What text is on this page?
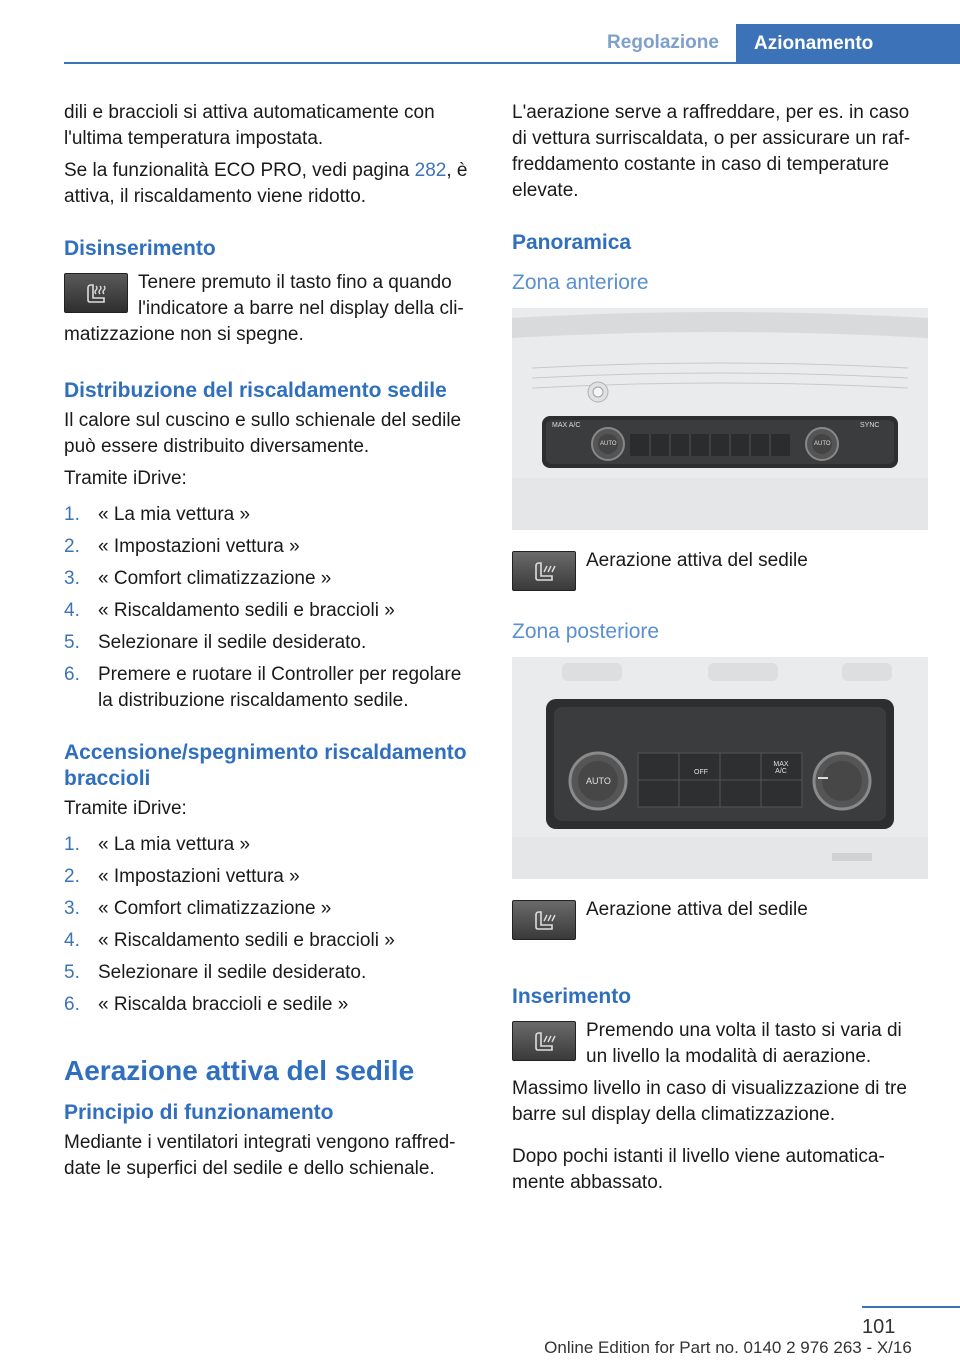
Regolazione	Azionamento

dili e braccioli si attiva automaticamente con l'ultima temperatura impostata.

Se la funzionalità ECO PRO, vedi pagina 282, è attiva, il riscaldamento viene ridotto.

Disinserimento

Tenere premuto il tasto fino a quando l'indicatore a barre nel display della cli-

matizzazione non si spegne.

Distribuzione del riscaldamento sedile

Il calore sul cuscino e sullo schienale del sedile può essere distribuito diversamente.

Tramite iDrive:

1. « La mia vettura »
2. « Impostazioni vettura »
3. « Comfort climatizzazione »
4. « Riscaldamento sedili e braccioli »
5. Selezionare il sedile desiderato.
6. Premere e ruotare il Controller per regolare la distribuzione riscaldamento sedile.
Accensione/spegnimento riscaldamento braccioli

Tramite iDrive:

1. « La mia vettura »
2. « Impostazioni vettura »
3. « Comfort climatizzazione »
4. « Riscaldamento sedili e braccioli »
5. Selezionare il sedile desiderato.
6. « Riscalda braccioli e sedile »
Aerazione attiva del sedile
Principio di funzionamento

Mediante i ventilatori integrati vengono raffred- date le superfici del sedile e dello schienale.

L'aerazione serve a raffreddare, per es. in caso di vettura surriscaldata, o per assicurare un raf- freddamento costante in caso di temperature elevate.

Panoramica
Zona anteriore
MAX A/C
AUTO	AUTO
SYNC

Aerazione attiva del sedile

Zona posteriore
AUTO
OFF
MAX A/C

Aerazione attiva del sedile

Inserimento

Premendo una volta il tasto si varia di un livello la modalità di aerazione.

Massimo livello in caso di visualizzazione di tre barre sul display della climatizzazione.

Dopo pochi istanti il livello viene automatica- mente abbassato.

101
Online Edition for Part no. 0140 2 976 263 - X/16
